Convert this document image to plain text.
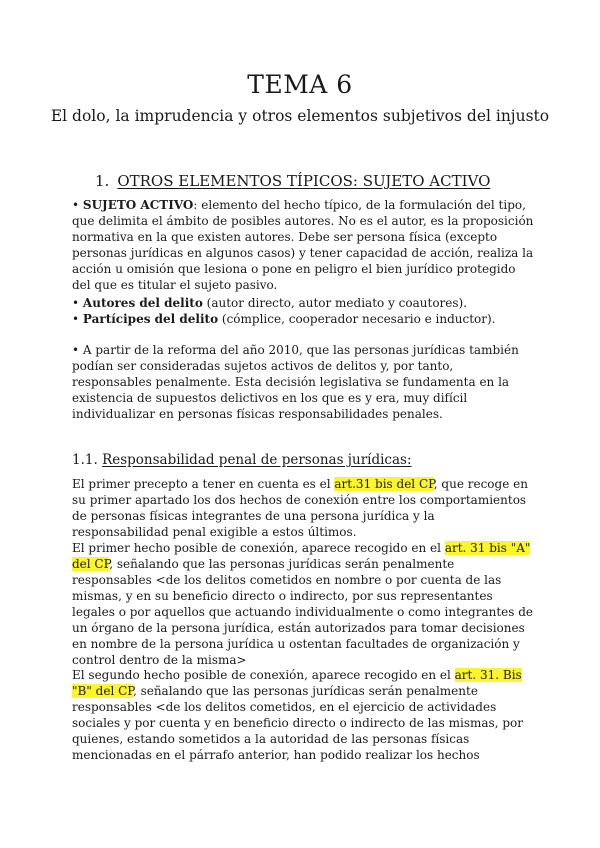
TEMA 6
El dolo, la imprudencia y otros elementos subjetivos del injusto
1. OTROS ELEMENTOS TÍPICOS: SUJETO ACTIVO
• SUJETO ACTIVO: elemento del hecho típico, de la formulación del tipo, que delimita el ámbito de posibles autores. No es el autor, es la proposición normativa en la que existen autores. Debe ser persona física (excepto personas jurídicas en algunos casos) y tener capacidad de acción, realiza la acción u omisión que lesiona o pone en peligro el bien jurídico protegido del que es titular el sujeto pasivo.
• Autores del delito (autor directo, autor mediato y coautores).
• Partícipes del delito (cómplice, cooperador necesario e inductor).
• A partir de la reforma del año 2010, que las personas jurídicas también podían ser consideradas sujetos activos de delitos y, por tanto, responsables penalmente. Esta decisión legislativa se fundamenta en la existencia de supuestos delictivos en los que es y era, muy difícil individualizar en personas físicas responsabilidades penales.
1.1. Responsabilidad penal de personas jurídicas:
El primer precepto a tener en cuenta es el art.31 bis del CP, que recoge en su primer apartado los dos hechos de conexión entre los comportamientos de personas físicas integrantes de una persona jurídica y la responsabilidad penal exigible a estos últimos.
El primer hecho posible de conexión, aparece recogido en el art. 31 bis "A" del CP, señalando que las personas jurídicas serán penalmente responsables <de los delitos cometidos en nombre o por cuenta de las mismas, y en su beneficio directo o indirecto, por sus representantes legales o por aquellos que actuando individualmente o como integrantes de un órgano de la persona jurídica, están autorizados para tomar decisiones en nombre de la persona jurídica u ostentan facultades de organización y control dentro de la misma>
El segundo hecho posible de conexión, aparece recogido en el art. 31. Bis "B" del CP, señalando que las personas jurídicas serán penalmente responsables <de los delitos cometidos, en el ejercicio de actividades sociales y por cuenta y en beneficio directo o indirecto de las mismas, por quienes, estando sometidos a la autoridad de las personas físicas mencionadas en el párrafo anterior, han podido realizar los hechos
